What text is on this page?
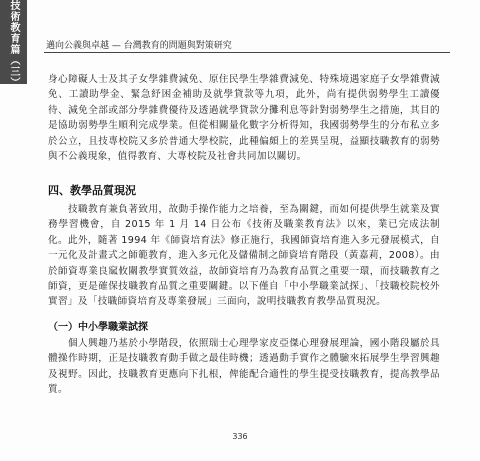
技術教育篇（三）	邁向公義與卓越 — 台灣教育的問題與對策研究

身心障礙人士及其子女學雜費減免、原住民學生學雜費減免、特殊境遇家庭子女學雜費減免、工讀助學金、緊急紓困金補助及就學貸款等九項，此外，尚有提供弱勢學生工讀優待、減免全部或部分學雜費優待及透過就學貸款分攤利息等針對弱勢學生之措施，其目的是協助弱勢學生順利完成學業。但從相關量化數字分析得知，我國弱勢學生的分布私立多於公立，且技專校院又多於普通大學校院，此種偏頗上的差異呈現，益顯技職教育的弱勢與不公義現象，值得教育、大專校院及社會共同加以關切。

四、教學品質現況

技職教育兼負著致用，故動手操作能力之培養，至為關鍵，而如何提供學生就業及實務學習機會，自 2015 年 1 月 14 日公布《技術及職業教育法》以來，業已完成法制化。此外，隨著 1994 年《師資培育法》修正施行，我國師資培育進入多元發展模式，自一元化及計畫式之師範教育，進入多元化及儲備制之師資培育階段（黃嘉莉，2008）。由於師資專業良窳攸關教學實質效益，故師資培育乃為教育品質之重要一環，而技職教育之師資，更是確保技職教育品質之重要關鍵。以下僅自「中小學職業試探」、「技職校院校外實習」及「技職師資培育及專業發展」三面向，說明技職教育教學品質現況。

（一）中小學職業試探

個人興趣乃基於小學階段，依照瑞士心理學家皮亞傑心理發展理論，國小階段屬於具體操作時期，正是技職教育動手做之最佳時機；透過動手實作之體驗來拓展學生學習興趣及視野。因此，技職教育更應向下扎根，俾能配合適性的學生提受技職教育，提高教學品質。

336
